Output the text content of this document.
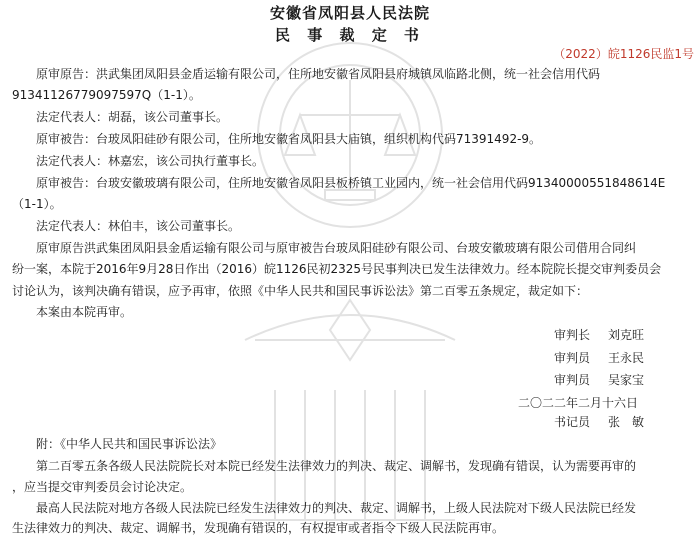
安徽省凤阳县人民法院
民 事 裁 定 书
（2022）皖1126民监1号
原审原告：洪武集团凤阳县金盾运输有限公司，住所地安徽省凤阳县府城镇凤临路北侧，统一社会信用代码
91341126779097597Q（1-1）。
法定代表人：胡磊，该公司董事长。
原审被告：台玻凤阳硅砂有限公司，住所地安徽省凤阳县大庙镇，组织机构代码71391492-9。
法定代表人：林嘉宏，该公司执行董事长。
原审被告：台玻安徽玻璃有限公司，住所地安徽省凤阳县板桥镇工业园内，统一社会信用代码91340000551848614E
（1-1）。
法定代表人：林伯丰，该公司董事长。
原审原告洪武集团凤阳县金盾运输有限公司与原审被告台玻凤阳硅砂有限公司、台玻安徽玻璃有限公司借用合同纠
纷一案，本院于2016年9月28日作出（2016）皖1126民初2325号民事判决已发生法律效力。经本院院长提交审判委员会
讨论认为，该判决确有错误，应予再审，依照《中华人民共和国民事诉讼法》第二百零五条规定，裁定如下：
本案由本院再审。
审判长 刘克旺
审判员 王永民
审判员 吴家宝
二〇二二年二月十六日
书记员 张　敏
附：《中华人民共和国民事诉讼法》
第二百零五条各级人民法院院长对本院已经发生法律效力的判决、裁定、调解书，发现确有错误，认为需要再审的
，应当提交审判委员会讨论决定。
最高人民法院对地方各级人民法院已经发生法律效力的判决、裁定、调解书，上级人民法院对下级人民法院已经发
生法律效力的判决、裁定、调解书，发现确有错误的，有权提审或者指令下级人民法院再审。
